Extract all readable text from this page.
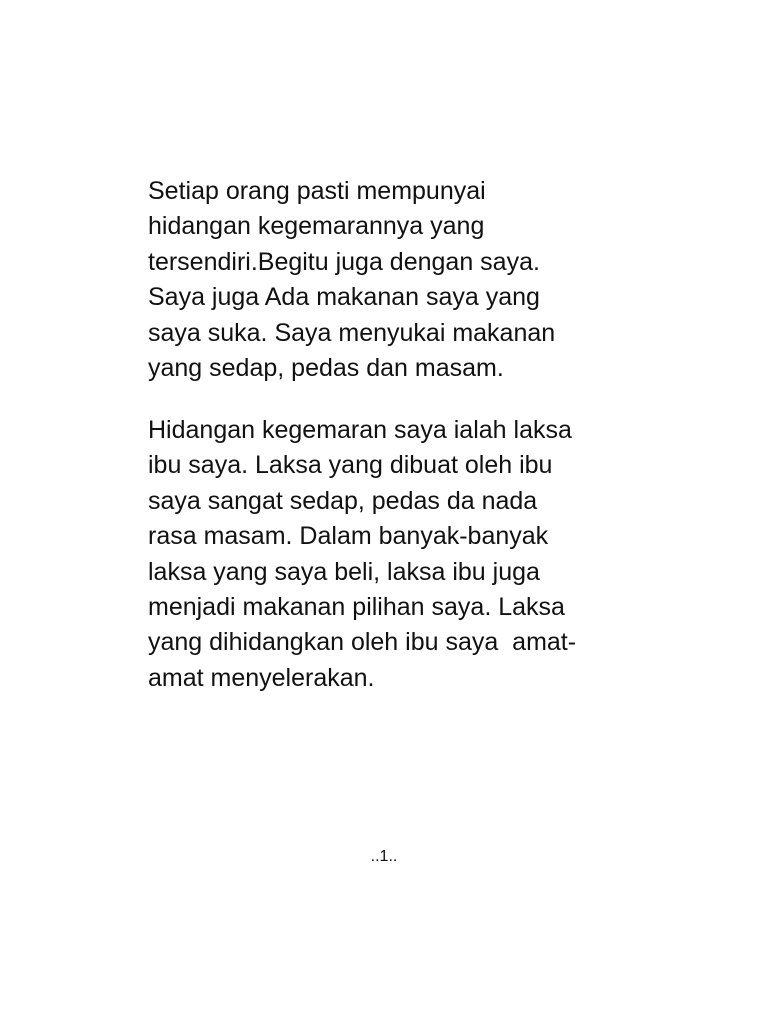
Setiap orang pasti mempunyai
hidangan kegemarannya yang
tersendiri.Begitu juga dengan saya.
Saya juga Ada makanan saya yang
saya suka. Saya menyukai makanan
yang sedap, pedas dan masam.
Hidangan kegemaran saya ialah laksa
ibu saya. Laksa yang dibuat oleh ibu
saya sangat sedap, pedas da nada
rasa masam. Dalam banyak-banyak
laksa yang saya beli, laksa ibu juga
menjadi makanan pilihan saya. Laksa
yang dihidangkan oleh ibu saya  amat-
amat menyelerakan.
..1..
